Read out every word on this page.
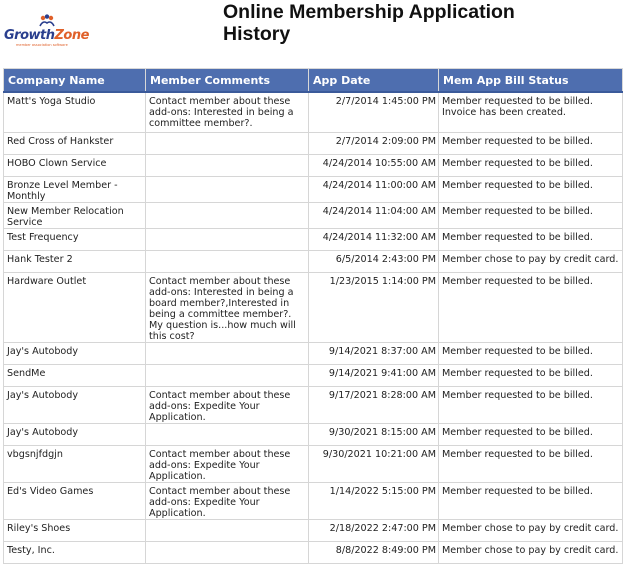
GrowthZone
member association software
Online Membership Application History
Company Name	Member Comments	App Date	Mem App Bill Status
Matt's Yoga Studio	Contact member about these add-ons: Interested in being a committee member?.	2/7/2014 1:45:00 PM	Member requested to be billed. Invoice has been created.
Red Cross of Hankster		2/7/2014 2:09:00 PM	Member requested to be billed.
HOBO Clown Service		4/24/2014 10:55:00 AM	Member requested to be billed.
Bronze Level Member - Monthly		4/24/2014 11:00:00 AM	Member requested to be billed.
New Member Relocation Service		4/24/2014 11:04:00 AM	Member requested to be billed.
Test Frequency		4/24/2014 11:32:00 AM	Member requested to be billed.
Hank Tester 2		6/5/2014 2:43:00 PM	Member chose to pay by credit card.
Hardware Outlet	Contact member about these add-ons: Interested in being a board member?,Interested in being a committee member?. My question is...how much will this cost?	1/23/2015 1:14:00 PM	Member requested to be billed.
Jay's Autobody		9/14/2021 8:37:00 AM	Member requested to be billed.
SendMe		9/14/2021 9:41:00 AM	Member requested to be billed.
Jay's Autobody	Contact member about these add-ons: Expedite Your Application.	9/17/2021 8:28:00 AM	Member requested to be billed.
Jay's Autobody		9/30/2021 8:15:00 AM	Member requested to be billed.
vbgsnjfdgjn	Contact member about these add-ons: Expedite Your Application.	9/30/2021 10:21:00 AM	Member requested to be billed.
Ed's Video Games	Contact member about these add-ons: Expedite Your Application.	1/14/2022 5:15:00 PM	Member requested to be billed.
Riley's Shoes		2/18/2022 2:47:00 PM	Member chose to pay by credit card.
Testy, Inc.		8/8/2022 8:49:00 PM	Member chose to pay by credit card.
